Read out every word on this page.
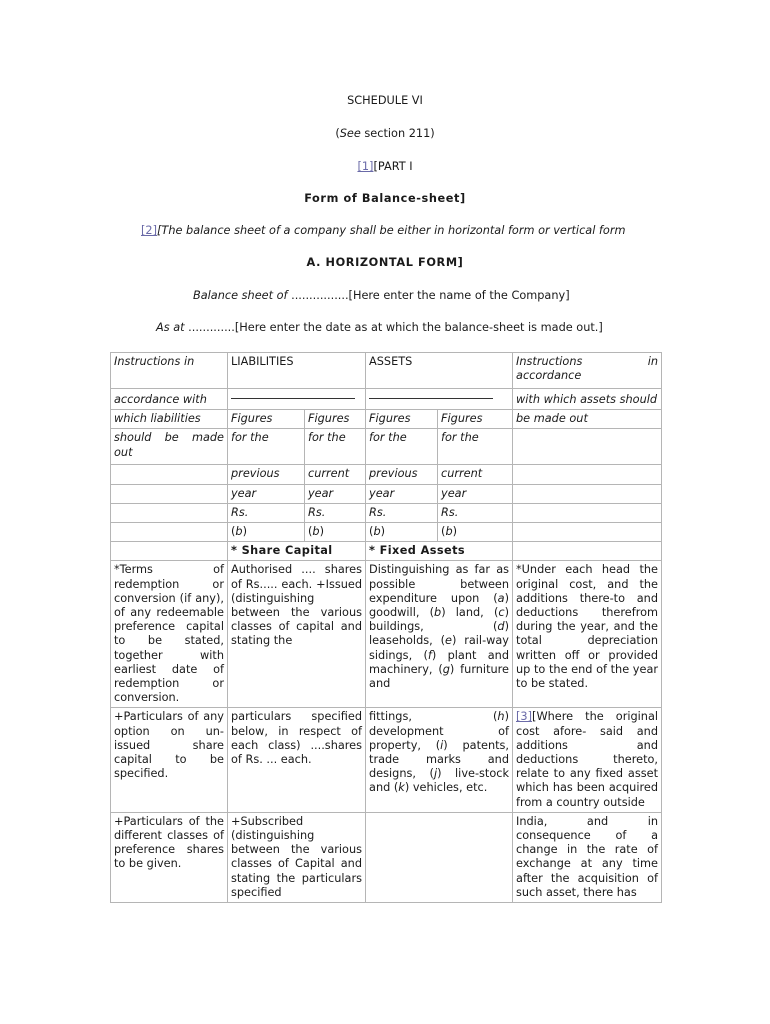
SCHEDULE VI
(See section 211)
[1][PART I
Form of Balance-sheet]
[2][The balance sheet of a company shall be either in horizontal form or vertical form
A. HORIZONTAL FORM]
Balance sheet of ................[Here enter the name of the Company]
As at .............[Here enter the date as at which the balance-sheet is made out.]
Instructions in	LIABILITIES		ASSETS		Instructions in accordance
accordance with					with which assets should
which liabilities	Figures	Figures	Figures	Figures	be made out
should be made out	for the	for the	for the	for the	
	previous	current	previous	current	
	year	year	year	year	
	Rs.	Rs.	Rs.	Rs.	
	(b)	(b)	(b)	(b)	
	* Share Capital		* Fixed Assets		
*Terms of redemption or conversion (if any), of any redeemable preference capital to be stated, together with earliest date of redemption or conversion.	Authorised .... shares of Rs..... each. +Issued (distinguishing between the various classes of capital and stating the		Distinguishing as far as possible between expenditure upon (a) goodwill, (b) land, (c) buildings, (d) leaseholds, (e) rail-way sidings, (f) plant and machinery, (g) furniture and		*Under each head the original cost, and the additions there-to and deductions therefrom during the year, and the total depreciation written off or provided up to the end of the year to be stated.
+Particulars of any option on un-issued share capital to be specified.	particulars specified below, in respect of each class) ....shares of Rs. ... each.		fittings, (h) development of property, (i) patents, trade marks and designs, (j) live-stock and (k) vehicles, etc.		[3][Where the original cost afore- said and additions and deductions thereto, relate to any fixed asset which has been acquired from a country outside
+Particulars of the different classes of preference shares to be given.	+Subscribed (distinguishing between the various classes of Capital and stating the particulars specified				India, and in consequence of a change in the rate of exchange at any time after the acquisition of such asset, there has
